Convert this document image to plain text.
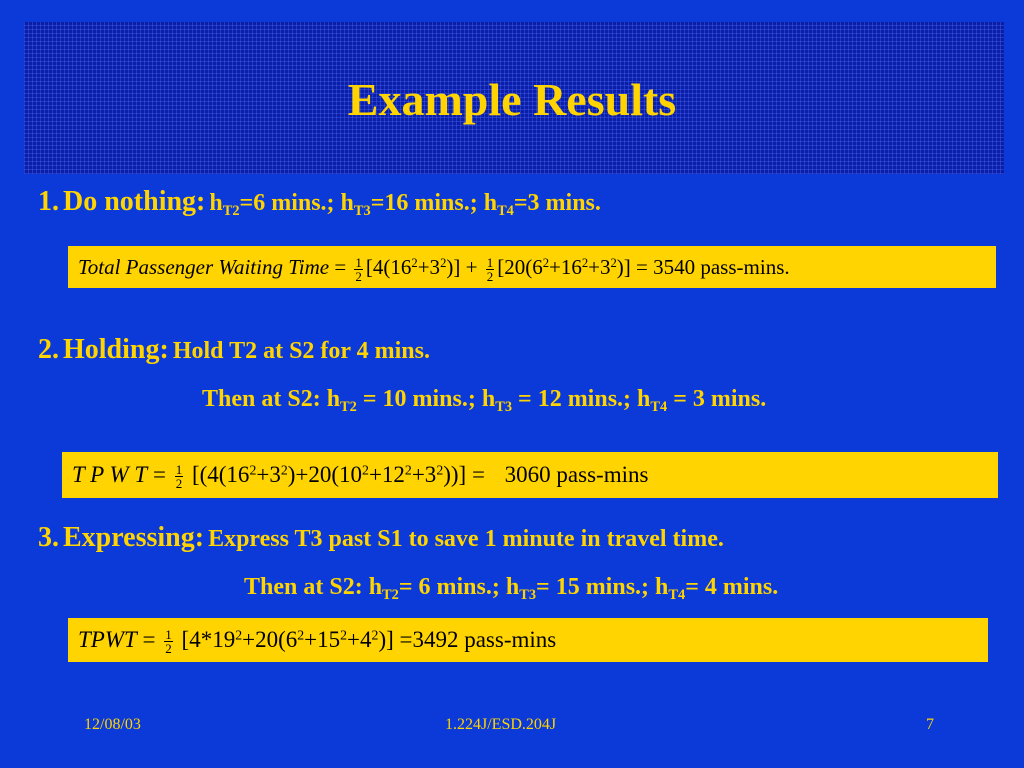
Example Results
1. Do nothing: $h_{T2}=6$ mins.; $h_{T3}=16$ mins.; $h_{T4}=3$ mins.
Total Passenger Waiting Time = $\frac{1}{2} [4(16^2+3^2)] + \frac{1}{2} [20(6^2+16^2+3^2)] = 3540$ pass-mins.
2. Holding: Hold T2 at S2 for 4 mins.
Then at S2: $h_{T2} = 10$ mins.; $h_{T3} = 12$ mins.; $h_{T4} = 3$ mins.
T P W $T = \frac{1}{2} [(4(16^2+3^2)+20(10^2+12^2+3^2))] = 3060$ pass-mins
3. Expressing: Express T3 past S1 to save 1 minute in travel time.
Then at S2: $h_{T2}= 6$ mins.; $h_{T3}= 15$ mins.; $h_{T4}= 4$ mins.
TPWT = $\frac{1}{2} [4*19^2+20(6^2+15^2+4^2)] =3492$ pass-mins
12/08/03	1.224J/ESD.204J	7
